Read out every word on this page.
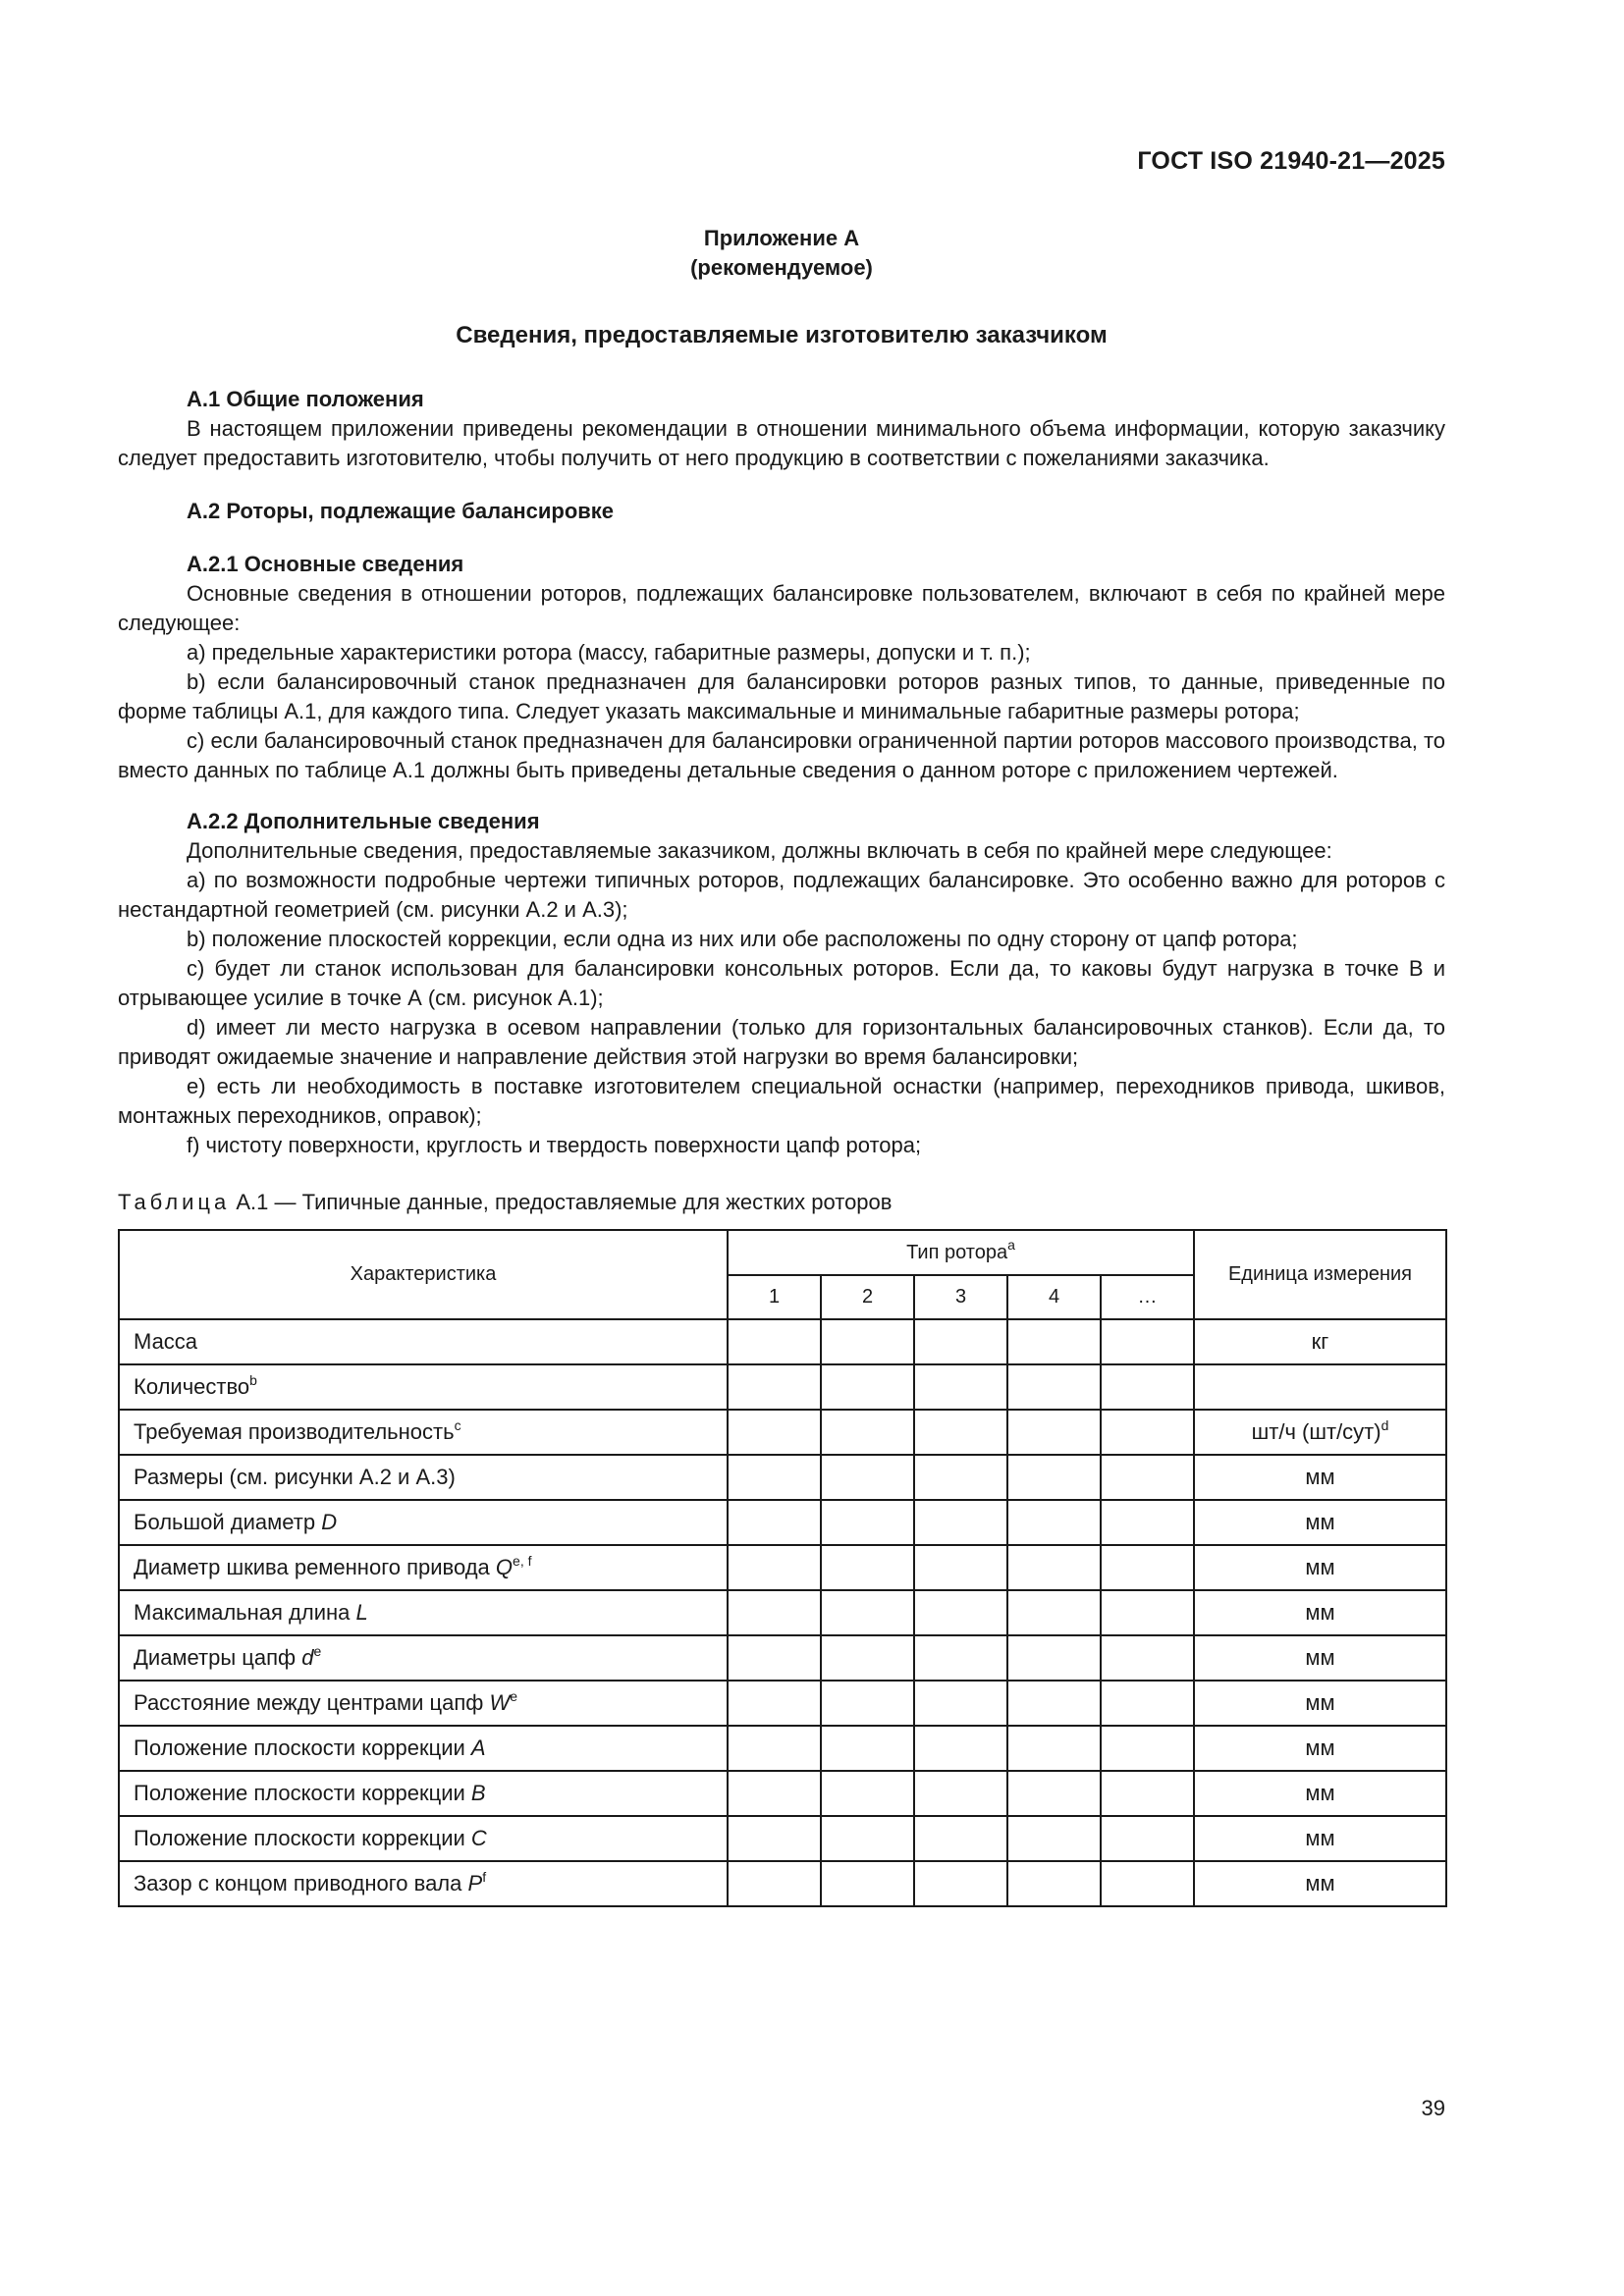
ГОСТ ISO 21940-21—2025
Приложение А
(рекомендуемое)
Сведения, предоставляемые изготовителю заказчиком
А.1 Общие положения

В настоящем приложении приведены рекомендации в отношении минимального объема информации, которую заказчику следует предоставить изготовителю, чтобы получить от него продукцию в соответствии с пожеланиями заказчика.

А.2 Роторы, подлежащие балансировке
А.2.1 Основные сведения

Основные сведения в отношении роторов, подлежащих балансировке пользователем, включают в себя по крайней мере следующее:

a) предельные характеристики ротора (массу, габаритные размеры, допуски и т. п.);

b) если балансировочный станок предназначен для балансировки роторов разных типов, то данные, приведенные по форме таблицы А.1, для каждого типа. Следует указать максимальные и минимальные габаритные размеры ротора;

c) если балансировочный станок предназначен для балансировки ограниченной партии роторов массового производства, то вместо данных по таблице А.1 должны быть приведены детальные сведения о данном роторе с приложением чертежей.

А.2.2 Дополнительные сведения

Дополнительные сведения, предоставляемые заказчиком, должны включать в себя по крайней мере следующее:

a) по возможности подробные чертежи типичных роторов, подлежащих балансировке. Это особенно важно для роторов с нестандартной геометрией (см. рисунки А.2 и А.3);

b) положение плоскостей коррекции, если одна из них или обе расположены по одну сторону от цапф ротора;

c) будет ли станок использован для балансировки консольных роторов. Если да, то каковы будут нагрузка в точке В и отрывающее усилие в точке А (см. рисунок А.1);

d) имеет ли место нагрузка в осевом направлении (только для горизонтальных балансировочных станков). Если да, то приводят ожидаемые значение и направление действия этой нагрузки во время балансировки;

e) есть ли необходимость в поставке изготовителем специальной оснастки (например, переходников привода, шкивов, монтажных переходников, оправок);

f) чистоту поверхности, круглость и твердость поверхности цапф ротора;

Таблица А.1 — Типичные данные, предоставляемые для жестких роторов
Характеристика	Тип ротора$^a$					Единица измерения
	1	2	3	4	…	
Масса						кг
Количество$^b$						
Требуемая производительность$^c$						шт/ч $(шт/сут)^d$
Размеры (см. рисунки А.2 и А.3)						мм
Большой диаметр D						мм
Диаметр шкива ременного привода Q$^{e, f}$						мм
Максимальная длина L						мм
Диаметры цапф $d^e$						мм
Расстояние между центрами цапф $W^e$						мм
Положение плоскости коррекции A						мм
Положение плоскости коррекции B						мм
Положение плоскости коррекции C						мм
Зазор с концом приводного вала $P^f$						мм
39
